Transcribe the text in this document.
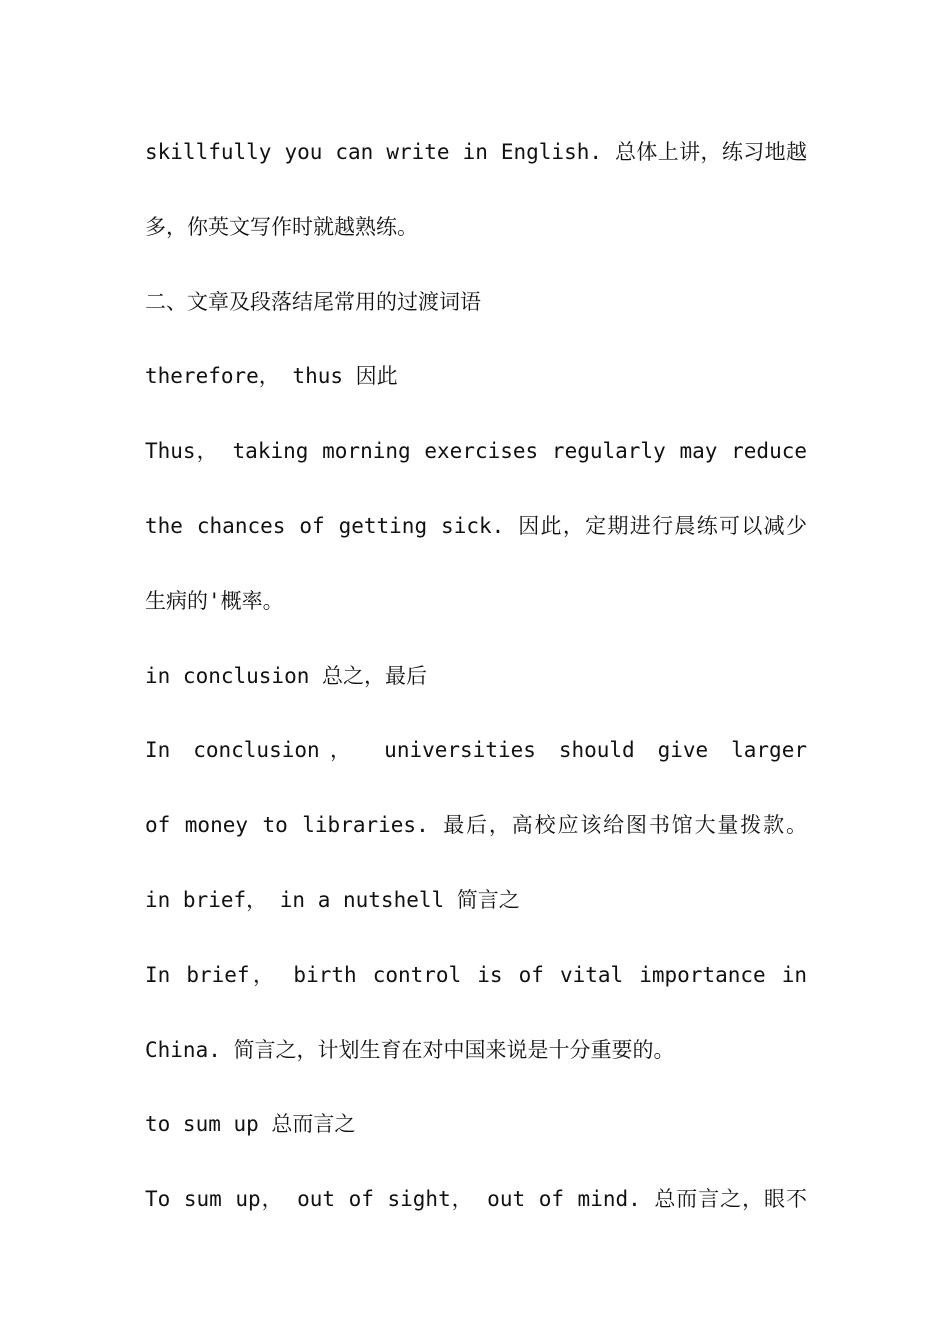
skillfully you can write in English. 总体上讲，练习地越
多，你英文写作时就越熟练。
二、文章及段落结尾常用的过渡词语
therefore， thus 因此
Thus， taking morning exercises regularly may reduce
the chances of getting sick. 因此，定期进行晨练可以减少
生病的'概率。
in conclusion 总之，最后
In conclusion， universities should give larger
of money to libraries. 最后，高校应该给图书馆大量拨款。
in brief， in a nutshell 简言之
In brief， birth control is of vital importance in
China. 简言之，计划生育在对中国来说是十分重要的。
to sum up 总而言之
To sum up， out of sight， out of mind. 总而言之，眼不
